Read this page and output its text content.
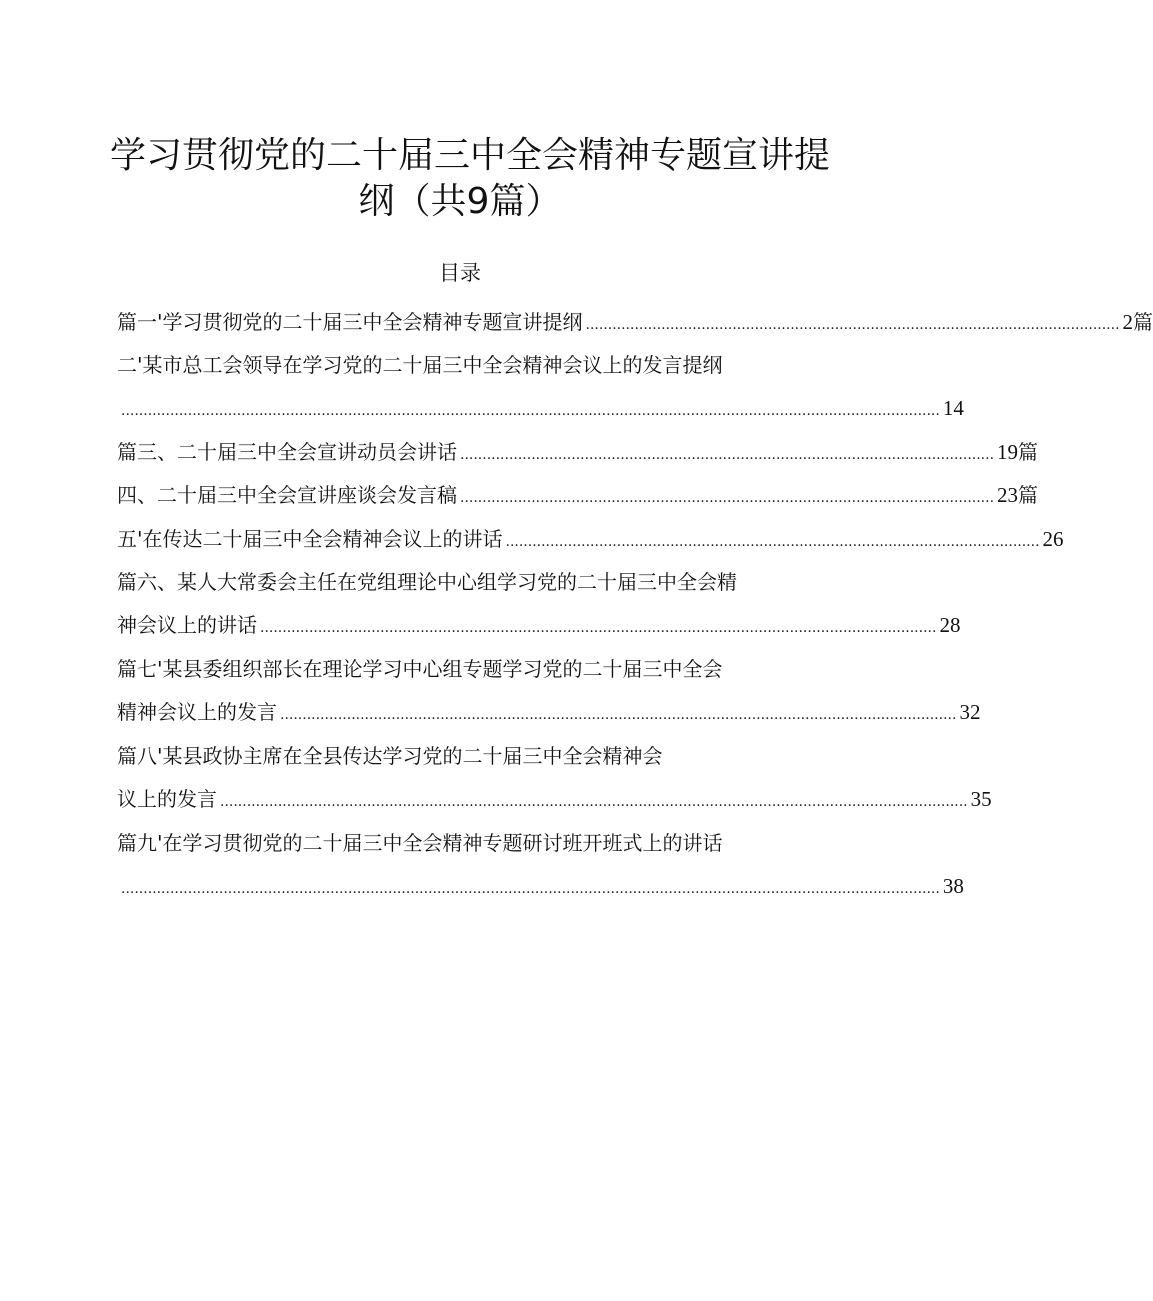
学习贯彻党的二十届三中全会精神专题宣讲提
纲（共9篇）
目录
篇一'学习贯彻党的二十届三中全会精神专题宣讲提纲 ........................................................................................................................ 2 篇
二'某市总工会领导在学习党的二十届三中全会精神会议上的发言提纲
........................................................................................................................................................................................ 14
篇三、二十届三中全会宣讲动员会讲话 ........................................................................................................................ 19 篇
四、二十届三中全会宣讲座谈会发言稿 ........................................................................................................................ 23 篇
五'在传达二十届三中全会精神会议上的讲话 ........................................................................................................................ 26
篇六、某人大常委会主任在党组理论中心组学习党的二十届三中全会精
神会议上的讲话 ........................................................................................................................................................ 28
篇七'某县委组织部长在理论学习中心组专题学习党的二十届三中全会
精神会议上的发言 ........................................................................................................................................................ 32
篇八'某县政协主席在全县传达学习党的二十届三中全会精神会
议上的发言 ........................................................................................................................................................................ 35
篇九'在学习贯彻党的二十届三中全会精神专题研讨班开班式上的讲话
........................................................................................................................................................................................ 38
